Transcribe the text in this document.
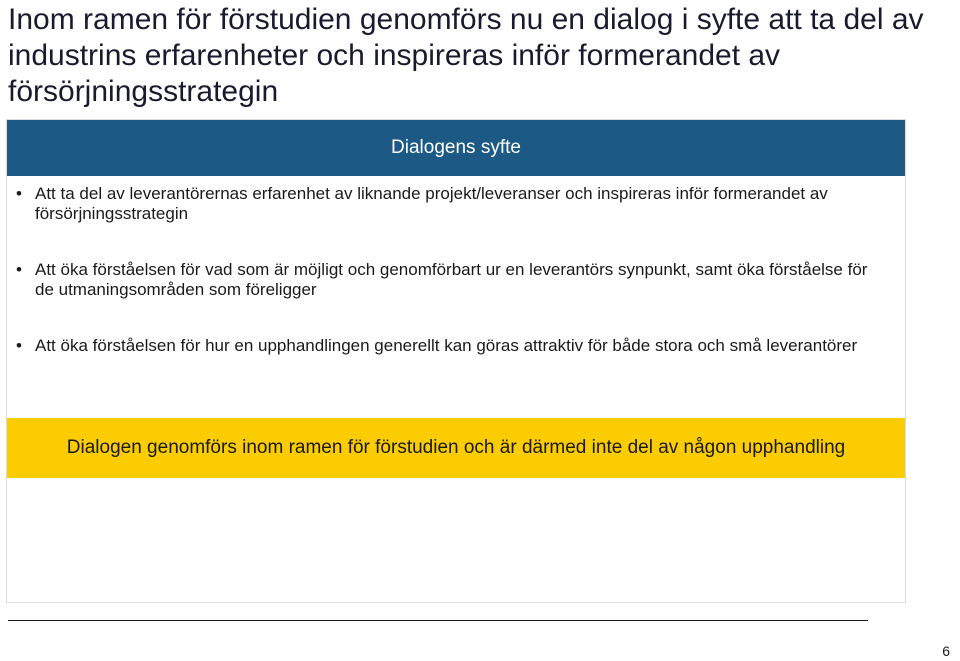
Inom ramen för förstudien genomförs nu en dialog i syfte att ta del av industrins erfarenheter och inspireras inför formerandet av försörjningsstrategin
Dialogens syfte
• Att ta del av leverantörernas erfarenhet av liknande projekt/leveranser och inspireras inför formerandet av försörjningsstrategin
• Att öka förståelsen för vad som är möjligt och genomförbart ur en leverantörs synpunkt, samt öka förståelse för de utmaningsområden som föreligger
• Att öka förståelsen för hur en upphandlingen generellt kan göras attraktiv för både stora och små leverantörer
Dialogen genomförs inom ramen för förstudien och är därmed inte del av någon upphandling
6
